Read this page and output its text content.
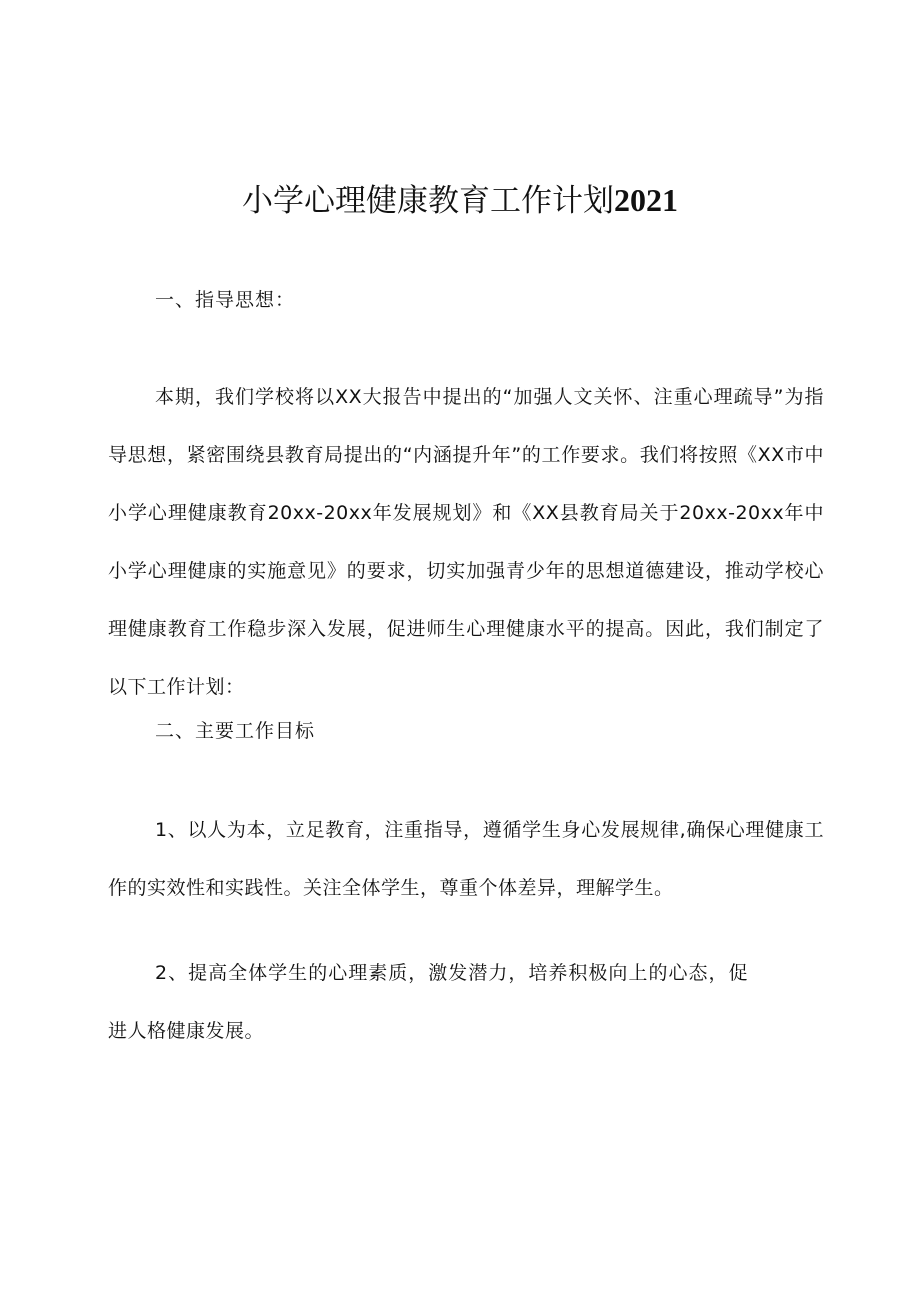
小学心理健康教育工作计划2021

一、指导思想：

本期，我们学校将以XX大报告中提出的“加强人文关怀、注重心理疏导”为指导思想，紧密围绕县教育局提出的“内涵提升年”的工作要求。我们将按照《XX市中小学心理健康教育20xx-20xx年发展规划》和《XX县教育局关于20xx-20xx年中小学心理健康的实施意见》的要求，切实加强青少年的思想道德建设，推动学校心理健康教育工作稳步深入发展，促进师生心理健康水平的提高。因此，我们制定了以下工作计划：

二、主要工作目标

1、以人为本，立足教育，注重指导，遵循学生身心发展规律,确保心理健康工作的实效性和实践性。关注全体学生，尊重个体差异，理解学生。

2、提高全体学生的心理素质，激发潜力，培养积极向上的心态，促进人格健康发展。
